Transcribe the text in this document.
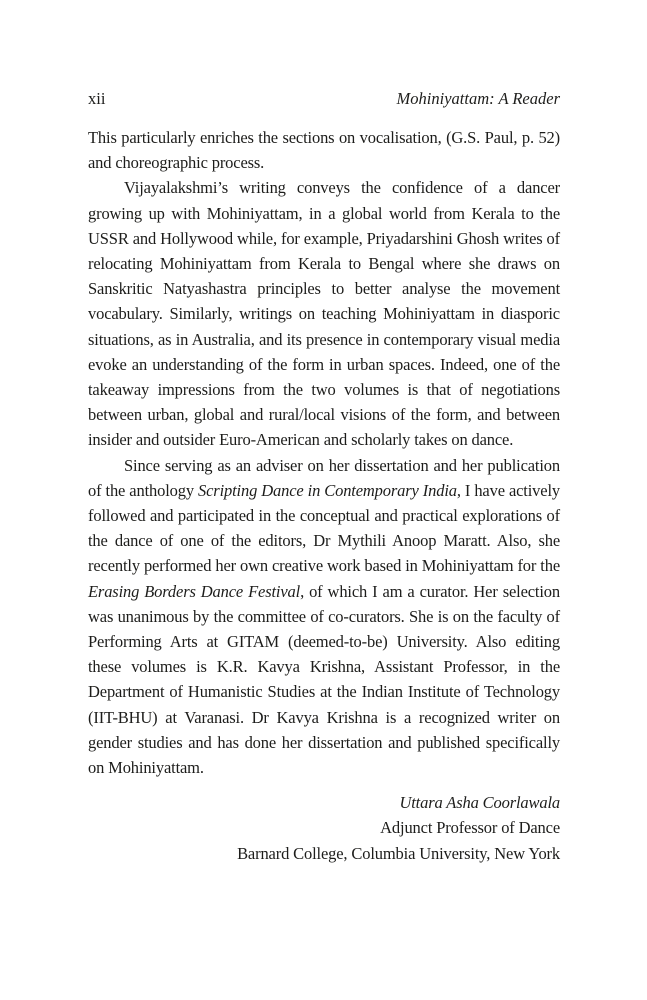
xii	Mohiniyattam: A Reader

This particularly enriches the sections on vocalisation, (G.S. Paul, p. 52) and choreographic process.

Vijayalakshmi’s writing conveys the confidence of a dancer growing up with Mohiniyattam, in a global world from Kerala to the USSR and Hollywood while, for example, Priyadarshini Ghosh writes of relocating Mohiniyattam from Kerala to Bengal where she draws on Sanskritic Natyashastra principles to better analyse the movement vocabulary. Similarly, writings on teaching Mohiniyattam in diasporic situations, as in Australia, and its presence in contemporary visual media evoke an understanding of the form in urban spaces. Indeed, one of the takeaway impressions from the two volumes is that of negotiations between urban, global and rural/local visions of the form, and between insider and outsider Euro-American and scholarly takes on dance.

Since serving as an adviser on her dissertation and her publication of the anthology Scripting Dance in Contemporary India, I have actively followed and participated in the conceptual and practical explorations of the dance of one of the editors, Dr Mythili Anoop Maratt. Also, she recently performed her own creative work based in Mohiniyattam for the Erasing Borders Dance Festival, of which I am a curator. Her selection was unanimous by the committee of co-curators. She is on the faculty of Performing Arts at GITAM (deemed-to-be) University. Also editing these volumes is K.R. Kavya Krishna, Assistant Professor, in the Department of Humanistic Studies at the Indian Institute of Technology (IIT-BHU) at Varanasi. Dr Kavya Krishna is a recognized writer on gender studies and has done her dissertation and published specifically on Mohiniyattam.

Uttara Asha Coorlawala
Adjunct Professor of Dance
Barnard College, Columbia University, New York
